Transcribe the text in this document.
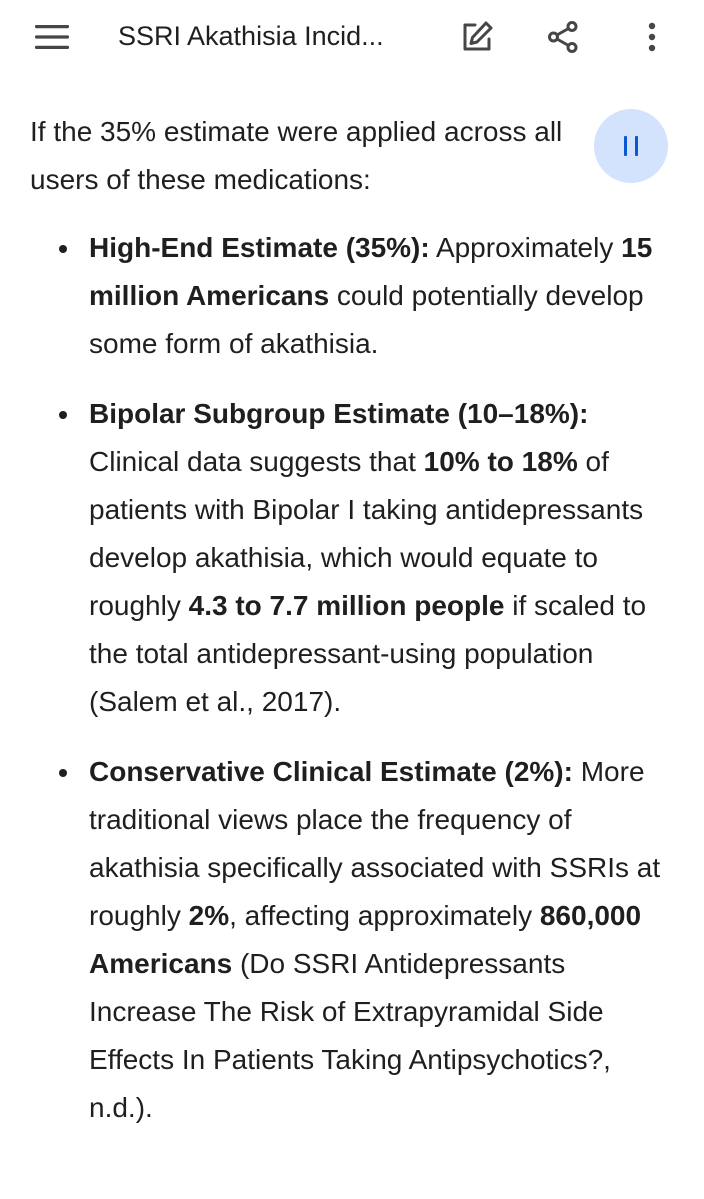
SSRI Akathisia Incid...

If the 35% estimate were applied across all users of these medications:

High-End Estimate (35%): Approximately 15 million Americans could potentially develop some form of akathisia.
Bipolar Subgroup Estimate (10–18%): Clinical data suggests that 10% to 18% of patients with Bipolar I taking antidepressants develop akathisia, which would equate to roughly 4.3 to 7.7 million people if scaled to the total antidepressant-using population (Salem et al., 2017).
Conservative Clinical Estimate (2%): More traditional views place the frequency of akathisia specifically associated with SSRIs at roughly 2%, affecting approximately 860,000 Americans (Do SSRI Antidepressants Increase The Risk of Extrapyramidal Side Effects In Patients Taking Antipsychotics?, n.d.).
